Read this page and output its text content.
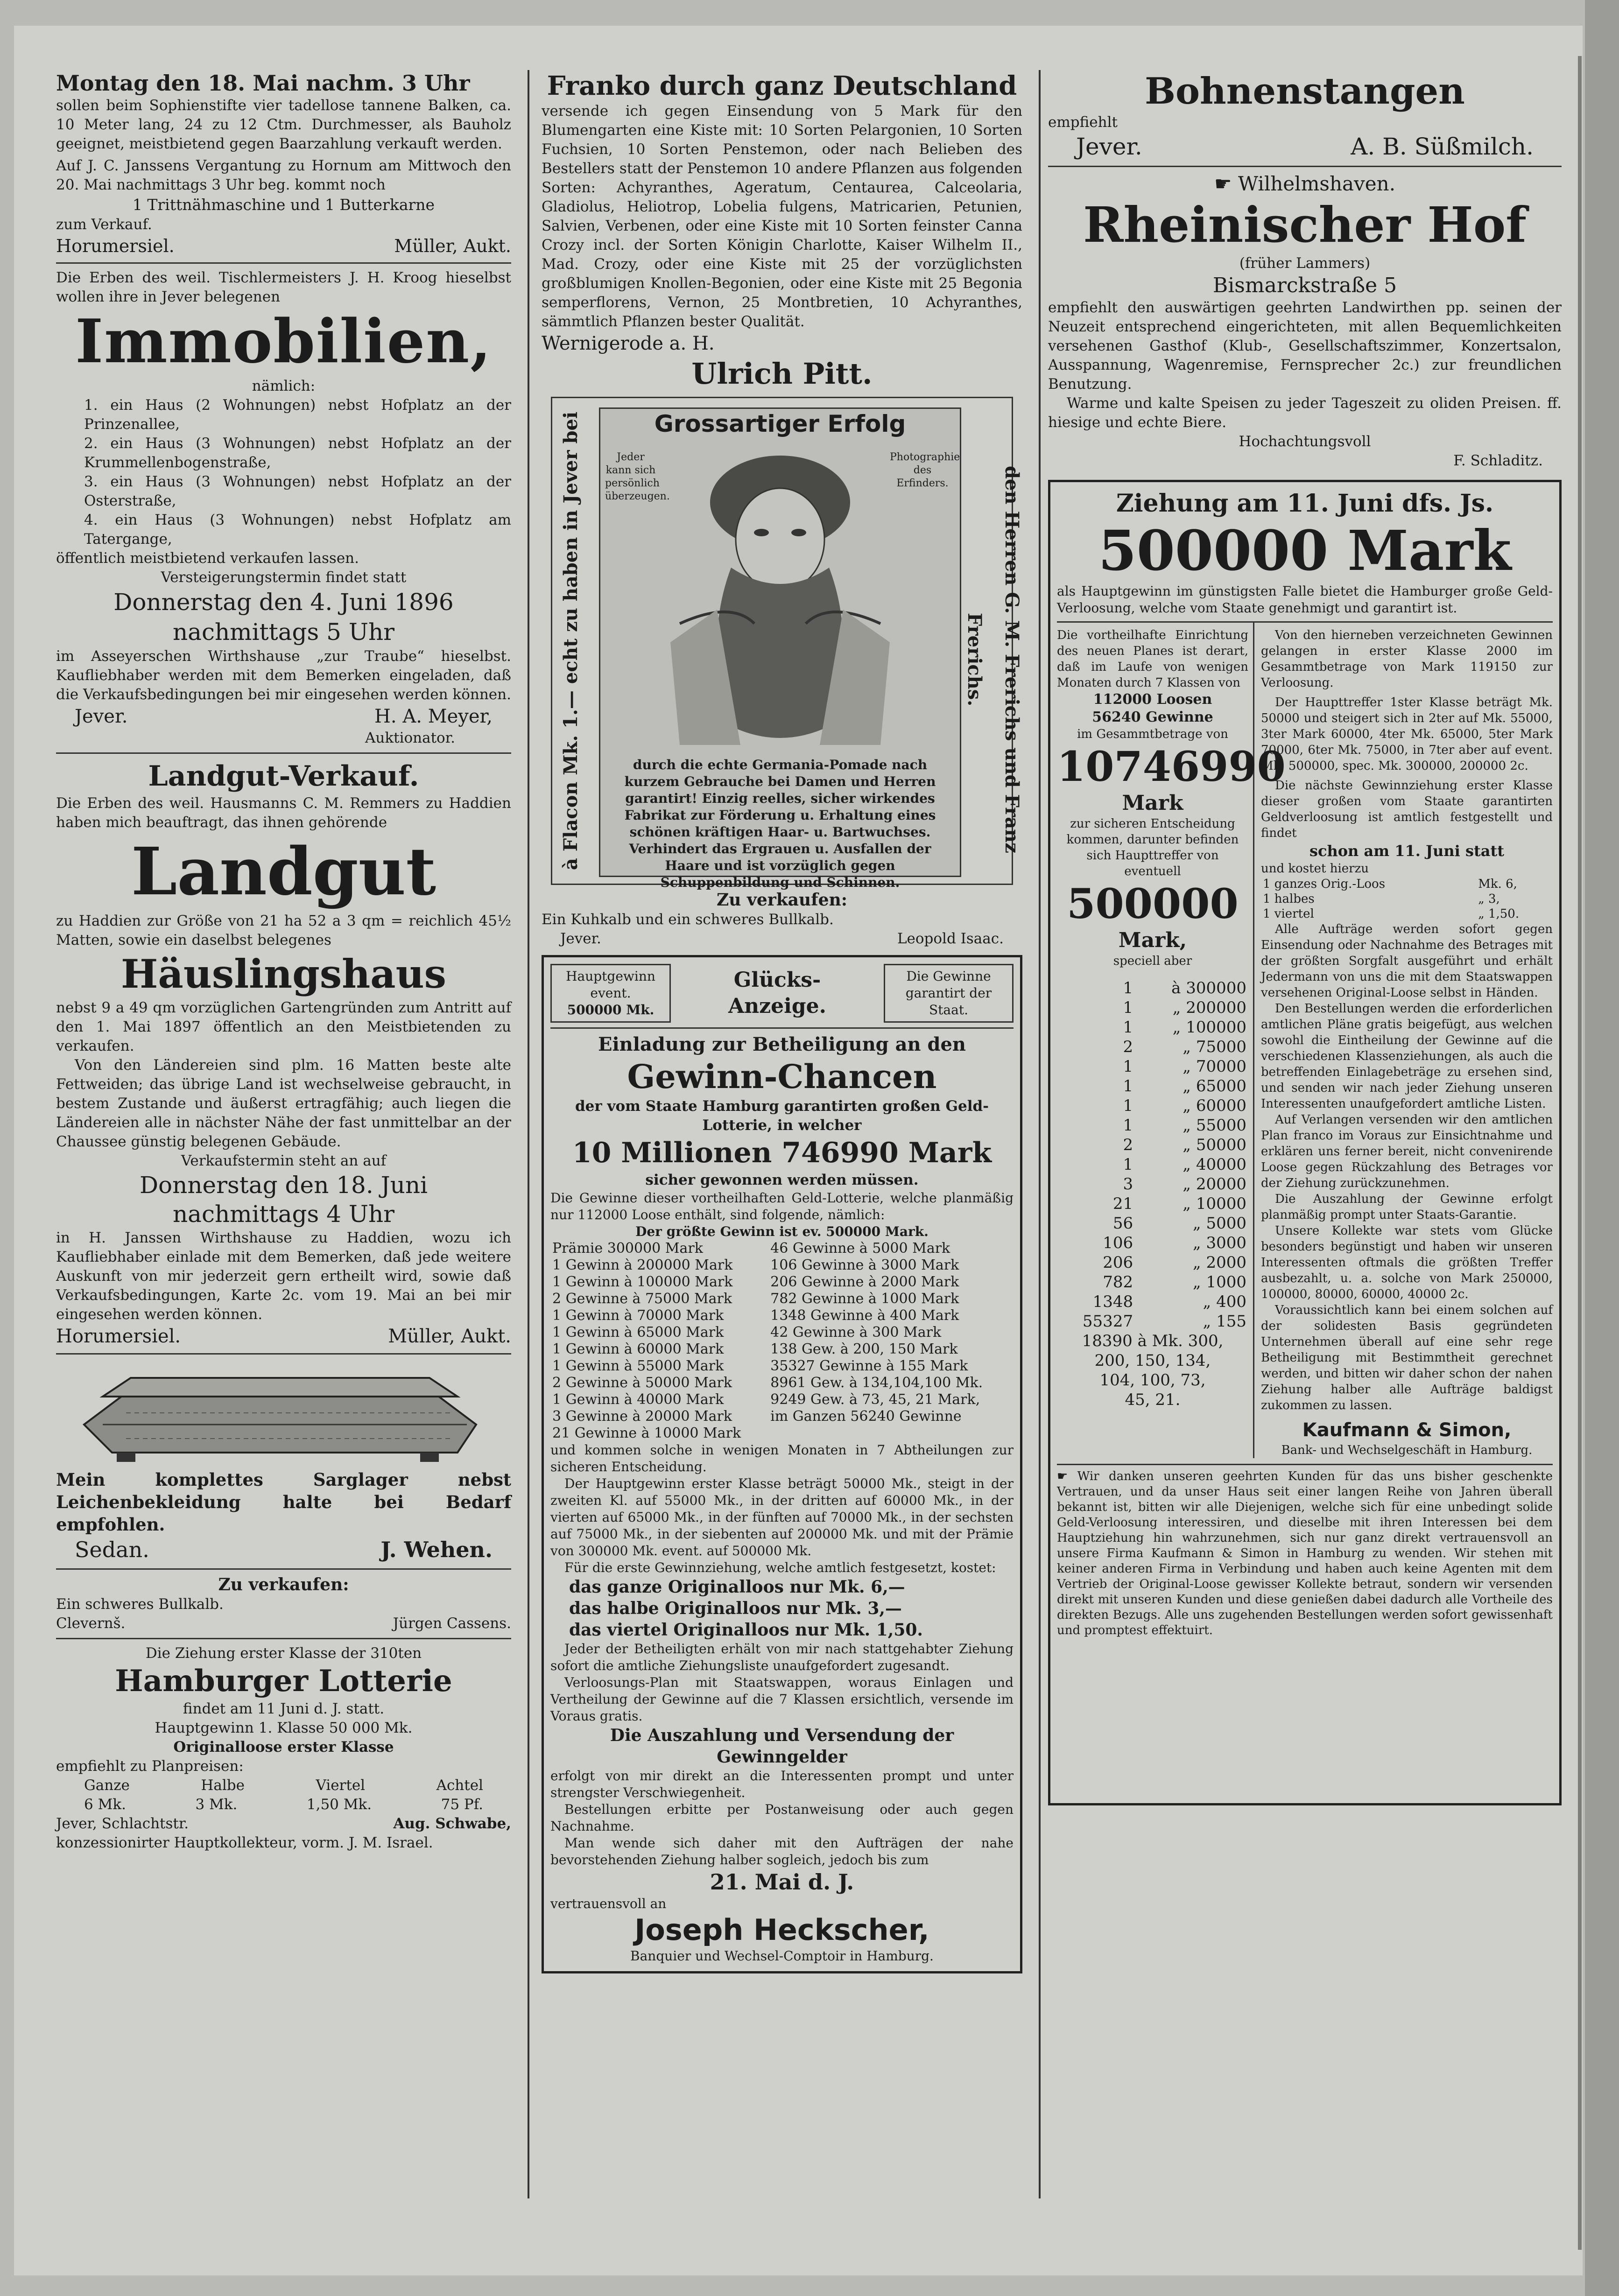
Montag den 18. Mai nachm. 3 Uhr

sollen beim Sophienstifte vier tadellose tannene Balken, ca. 10 Meter lang, 24 zu 12 Ctm. Durchmesser, als Bauholz geeignet, meistbietend gegen Baarzahlung verkauft werden.

Auf J. C. Janssens Vergantung zu Hornum am Mittwoch den 20. Mai nachmittags 3 Uhr beg. kommt noch

1 Trittnähmaschine und 1 Butterkarne

zum Verkauf.

Horumersiel.	Müller, Aukt.

Die Erben des weil. Tischlermeisters J. H. Kroog hieselbst wollen ihre in Jever belegenen

Immobilien,

nämlich:

1. ein Haus (2 Wohnungen) nebst Hofplatz an der Prinzenallee,

2. ein Haus (3 Wohnungen) nebst Hofplatz an der Krummellenbogenstraße,

3. ein Haus (3 Wohnungen) nebst Hofplatz an der Osterstraße,

4. ein Haus (3 Wohnungen) nebst Hofplatz am Tatergange,

öffentlich meistbietend verkaufen lassen.

Versteigerungstermin findet statt

Donnerstag den 4. Juni 1896

nachmittags 5 Uhr

im Asseyerschen Wirthshause „zur Traube“ hieselbst. Kaufliebhaber werden mit dem Bemerken eingeladen, daß die Verkaufsbedingungen bei mir eingesehen werden können.

Jever.	H. A. Meyer,

Auktionator.

Landgut-Verkauf.

Die Erben des weil. Hausmanns C. M. Remmers zu Haddien haben mich beauftragt, das ihnen gehörende

Landgut

zu Haddien zur Größe von 21 ha 52 a 3 qm = reichlich 45½ Matten, sowie ein daselbst belegenes

Häuslingshaus

nebst 9 a 49 qm vorzüglichen Gartengründen zum Antritt auf den 1. Mai 1897 öffentlich an den Meistbietenden zu verkaufen.

Von den Ländereien sind plm. 16 Matten beste alte Fettweiden; das übrige Land ist wechselweise gebraucht, in bestem Zustande und äußerst ertragfähig; auch liegen die Ländereien alle in nächster Nähe der fast unmittelbar an der Chaussee günstig belegenen Gebäude.

Verkaufstermin steht an auf

Donnerstag den 18. Juni

nachmittags 4 Uhr

in H. Janssen Wirthshause zu Haddien, wozu ich Kaufliebhaber einlade mit dem Bemerken, daß jede weitere Auskunft von mir jederzeit gern ertheilt wird, sowie daß Verkaufsbedingungen, Karte 2c. vom 19. Mai an bei mir eingesehen werden können.

Horumersiel.	Müller, Aukt.

Mein komplettes Sarglager nebst Leichenbekleidung halte bei Bedarf empfohlen.

Sedan.	J. Wehen.

Zu verkaufen:

Ein schweres Bullkalb.

Clevernš.	Jürgen Cassens.

Die Ziehung erster Klasse der 310ten

Hamburger Lotterie

findet am 11 Juni d. J. statt.

Hauptgewinn 1. Klasse 50 000 Mk.

Originalloose erster Klasse

empfiehlt zu Planpreisen:

Ganze	Halbe	Viertel	Achtel
6 Mk.	3 Mk.	1,50 Mk.	75 Pf.
Jever, Schlachtstr.	Aug. Schwabe,

konzessionirter Hauptkollekteur, vorm. J. M. Israel.

Franko durch ganz Deutschland

versende ich gegen Einsendung von 5 Mark für den Blumengarten eine Kiste mit: 10 Sorten Pelargonien, 10 Sorten Fuchsien, 10 Sorten Penstemon, oder nach Belieben des Bestellers statt der Penstemon 10 andere Pflanzen aus folgenden Sorten: Achyranthes, Ageratum, Centaurea, Calceolaria, Gladiolus, Heliotrop, Lobelia fulgens, Matricarien, Petunien, Salvien, Verbenen, oder eine Kiste mit 10 Sorten feinster Canna Crozy incl. der Sorten Königin Charlotte, Kaiser Wilhelm II., Mad. Crozy, oder eine Kiste mit 25 der vorzüglichsten großblumigen Knollen-Begonien, oder eine Kiste mit 25 Begonia semperflorens, Vernon, 25 Montbretien, 10 Achyranthes, sämmtlich Pflanzen bester Qualität.

Wernigerode a. H.

Ulrich Pitt.

à Flacon Mk. 1.— echt zu haben in Jever bei	den Herren G. M. Frerichs und Franz Frerichs.

Grossartiger Erfolg

Jeder kann sich persönlich überzeugen.

Photographie des Erfinders.

durch die echte Germania-Pomade nach kurzem Gebrauche bei Damen und Herren garantirt! Einzig reelles, sicher wirkendes Fabrikat zur Förderung u. Erhaltung eines schönen kräftigen Haar- u. Bartwuchses. Verhindert das Ergrauen u. Ausfallen der Haare und ist vorzüglich gegen Schuppenbildung und Schinnen.

Zu verkaufen:

Ein Kuhkalb und ein schweres Bullkalb.

Jever.	Leopold Isaac.

Hauptgewinn

event.

500000 Mk.

Glücks-Anzeige.

Die Gewinne garantirt der Staat.

Einladung zur Betheiligung an den

Gewinn-Chancen

der vom Staate Hamburg garantirten großen Geld-Lotterie, in welcher

10 Millionen 746990 Mark

sicher gewonnen werden müssen.

Die Gewinne dieser vortheilhaften Geld-Lotterie, welche planmäßig nur 112000 Loose enthält, sind folgende, nämlich:

Der größte Gewinn ist ev. 500000 Mark.

Prämie 300000 Mark	46 Gewinne à 5000 Mark
1 Gewinn à 200000 Mark	106 Gewinne à 3000 Mark
1 Gewinn à 100000 Mark	206 Gewinne à 2000 Mark
2 Gewinne à 75000 Mark	782 Gewinne à 1000 Mark
1 Gewinn à 70000 Mark	1348 Gewinne à 400 Mark
1 Gewinn à 65000 Mark	42 Gewinne à 300 Mark
1 Gewinn à 60000 Mark	138 Gew. à 200, 150 Mark
1 Gewinn à 55000 Mark	35327 Gewinne à 155 Mark
2 Gewinne à 50000 Mark	8961 Gew. à 134,104,100 Mk.
1 Gewinn à 40000 Mark	9249 Gew. à 73, 45, 21 Mark,
3 Gewinne à 20000 Mark	im Ganzen 56240 Gewinne
21 Gewinne à 10000 Mark	

und kommen solche in wenigen Monaten in 7 Abtheilungen zur sicheren Entscheidung.

Der Hauptgewinn erster Klasse beträgt 50000 Mk., steigt in der zweiten Kl. auf 55000 Mk., in der dritten auf 60000 Mk., in der vierten auf 65000 Mk., in der fünften auf 70000 Mk., in der sechsten auf 75000 Mk., in der siebenten auf 200000 Mk. und mit der Prämie von 300000 Mk. event. auf 500000 Mk.

Für die erste Gewinnziehung, welche amtlich festgesetzt, kostet:

das ganze Originalloos nur Mk. 6,—

das halbe Originalloos nur Mk. 3,—

das viertel Originalloos nur Mk. 1,50.

Jeder der Betheiligten erhält von mir nach stattgehabter Ziehung sofort die amtliche Ziehungsliste unaufgefordert zugesandt.

Verloosungs-Plan mit Staatswappen, woraus Einlagen und Vertheilung der Gewinne auf die 7 Klassen ersichtlich, versende im Voraus gratis.

Die Auszahlung und Versendung der Gewinngelder

erfolgt von mir direkt an die Interessenten prompt und unter strengster Verschwiegenheit.

Bestellungen erbitte per Postanweisung oder auch gegen Nachnahme.

Man wende sich daher mit den Aufträgen der nahe bevorstehenden Ziehung halber sogleich, jedoch bis zum

21. Mai d. J.

vertrauensvoll an

Joseph Heckscher,

Banquier und Wechsel-Comptoir in Hamburg.

Bohnenstangen

empfiehlt

Jever.	A. B. Süßmilch.
☛ Wilhelmshaven.

Rheinischer Hof

(früher Lammers)

Bismarckstraße 5

empfiehlt den auswärtigen geehrten Landwirthen pp. seinen der Neuzeit entsprechend eingerichteten, mit allen Bequemlichkeiten versehenen Gasthof (Klub-, Gesellschaftszimmer, Konzertsalon, Ausspannung, Wagenremise, Fernsprecher 2c.) zur freundlichen Benutzung.

Warme und kalte Speisen zu jeder Tageszeit zu oliden Preisen. ff. hiesige und echte Biere.

Hochachtungsvoll

F. Schladitz.

Ziehung am 11. Juni dfs. Js.

500000 Mark

als Hauptgewinn im günstigsten Falle bietet die Hamburger große Geld-Verloosung, welche vom Staate genehmigt und garantirt ist.

Die vortheilhafte Einrichtung des neuen Planes ist derart, daß im Laufe von wenigen Monaten durch 7 Klassen von

112000 Loosen

56240 Gewinne

im Gesammtbetrage von

10746990

Mark

zur sicheren Entscheidung kommen, darunter befinden sich Haupttreffer von eventuell

500000

Mark,

speciell aber

1	à 300000
1	„ 200000
1	„ 100000
2	„ 75000
1	„ 70000
1	„ 65000
1	„ 60000
1	„ 55000
2	„ 50000
1	„ 40000
3	„ 20000
21	„ 10000
56	„ 5000
106	„ 3000
206	„ 2000
782	„ 1000
1348	„ 400
55327	„ 155

18390 à Mk. 300,

200, 150, 134,

104, 100, 73,

45, 21.

Von den hierneben verzeichneten Gewinnen gelangen in erster Klasse 2000 im Gesammtbetrage von Mark 119150 zur Verloosung.

Der Haupttreffer 1ster Klasse beträgt Mk. 50000 und steigert sich in 2ter auf Mk. 55000, 3ter Mark 60000, 4ter Mk. 65000, 5ter Mark 70000, 6ter Mk. 75000, in 7ter aber auf event. Mk. 500000, spec. Mk. 300000, 200000 2c.

Die nächste Gewinnziehung erster Klasse dieser großen vom Staate garantirten Geldverloosung ist amtlich festgestellt und findet

schon am 11. Juni statt

und kostet hierzu

1 ganzes Orig.-Loos	Mk. 6,
1 halbes	„ 3,
1 viertel	„ 1,50.

Alle Aufträge werden sofort gegen Einsendung oder Nachnahme des Betrages mit der größten Sorgfalt ausgeführt und erhält Jedermann von uns die mit dem Staatswappen versehenen Original-Loose selbst in Händen.

Den Bestellungen werden die erforderlichen amtlichen Pläne gratis beigefügt, aus welchen sowohl die Eintheilung der Gewinne auf die verschiedenen Klassenziehungen, als auch die betreffenden Einlagebeträge zu ersehen sind, und senden wir nach jeder Ziehung unseren Interessenten unaufgefordert amtliche Listen.

Auf Verlangen versenden wir den amtlichen Plan franco im Voraus zur Einsichtnahme und erklären uns ferner bereit, nicht convenirende Loose gegen Rückzahlung des Betrages vor der Ziehung zurückzunehmen.

Die Auszahlung der Gewinne erfolgt planmäßig prompt unter Staats-Garantie.

Unsere Kollekte war stets vom Glücke besonders begünstigt und haben wir unseren Interessenten oftmals die größten Treffer ausbezahlt, u. a. solche von Mark 250000, 100000, 80000, 60000, 40000 2c.

Voraussichtlich kann bei einem solchen auf der solidesten Basis gegründeten Unternehmen überall auf eine sehr rege Betheiligung mit Bestimmtheit gerechnet werden, und bitten wir daher schon der nahen Ziehung halber alle Aufträge baldigst zukommen zu lassen.

Kaufmann & Simon,

Bank- und Wechselgeschäft in Hamburg.

☛ Wir danken unseren geehrten Kunden für das uns bisher geschenkte Vertrauen, und da unser Haus seit einer langen Reihe von Jahren überall bekannt ist, bitten wir alle Diejenigen, welche sich für eine unbedingt solide Geld-Verloosung interessiren, und dieselbe mit ihren Interessen bei dem Hauptziehung hin wahrzunehmen, sich nur ganz direkt vertrauensvoll an unsere Firma Kaufmann & Simon in Hamburg zu wenden. Wir stehen mit keiner anderen Firma in Verbindung und haben auch keine Agenten mit dem Vertrieb der Original-Loose gewisser Kollekte betraut, sondern wir versenden direkt mit unseren Kunden und diese genießen dabei dadurch alle Vortheile des direkten Bezugs. Alle uns zugehenden Bestellungen werden sofort gewissenhaft und promptest effektuirt.
